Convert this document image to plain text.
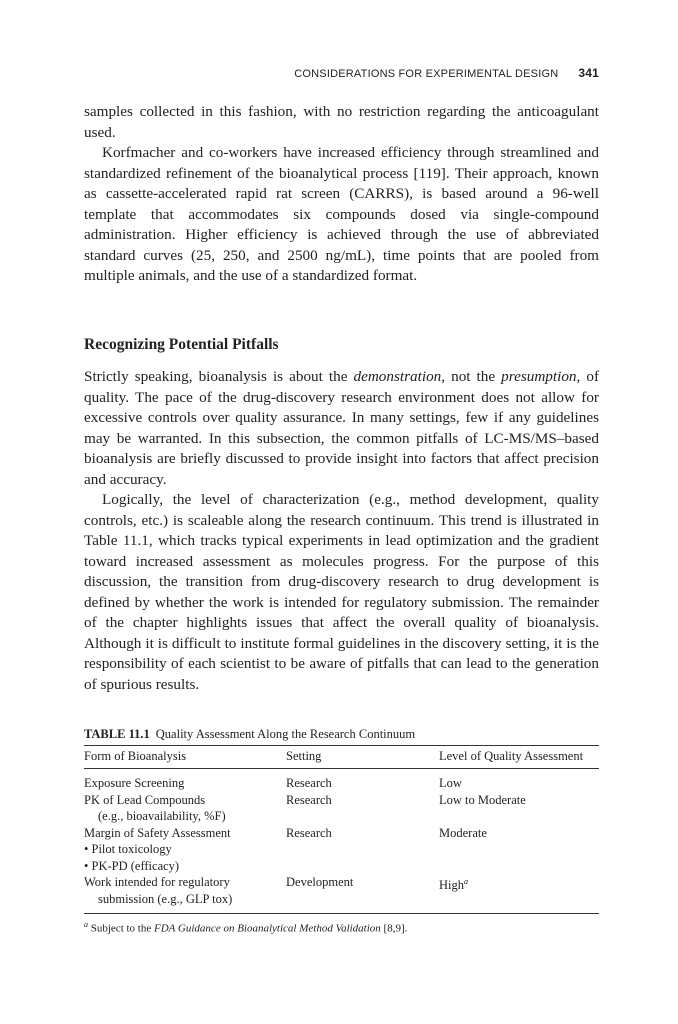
CONSIDERATIONS FOR EXPERIMENTAL DESIGN 341

samples collected in this fashion, with no restriction regarding the anticoagulant used.

Korfmacher and co-workers have increased efficiency through streamlined and standardized refinement of the bioanalytical process [119]. Their approach, known as cassette-accelerated rapid rat screen (CARRS), is based around a 96-well template that accommodates six compounds dosed via single-compound administration. Higher efficiency is achieved through the use of abbreviated standard curves (25, 250, and 2500 ng/mL), time points that are pooled from multiple animals, and the use of a standardized format.

Recognizing Potential Pitfalls

Strictly speaking, bioanalysis is about the demonstration, not the presumption, of quality. The pace of the drug-discovery research environment does not allow for excessive controls over quality assurance. In many settings, few if any guidelines may be warranted. In this subsection, the common pitfalls of LC-MS/MS–based bioanalysis are briefly discussed to provide insight into factors that affect precision and accuracy.

Logically, the level of characterization (e.g., method development, quality controls, etc.) is scaleable along the research continuum. This trend is illustrated in Table 11.1, which tracks typical experiments in lead optimization and the gradient toward increased assessment as molecules progress. For the purpose of this discussion, the transition from drug-discovery research to drug development is defined by whether the work is intended for regulatory submission. The remainder of the chapter highlights issues that affect the overall quality of bioanalysis. Although it is difficult to institute formal guidelines in the discovery setting, it is the responsibility of each scientist to be aware of pitfalls that can lead to the generation of spurious results.

TABLE 11.1 Quality Assessment Along the Research Continuum
Form of Bioanalysis	Setting	Level of Quality Assessment

Exposure Screening	Research	Low

PK of Lead Compounds
(e.g., bioavailability, %F)	Research	Low to Moderate

Margin of Safety Assessment
• Pilot toxicology
• PK-PD (efficacy)	Research	Moderate

Work intended for regulatory
submission (e.g., GLP tox)	Development	High$^a$

$^a$ Subject to the FDA Guidance on Bioanalytical Method Validation [8,9].
